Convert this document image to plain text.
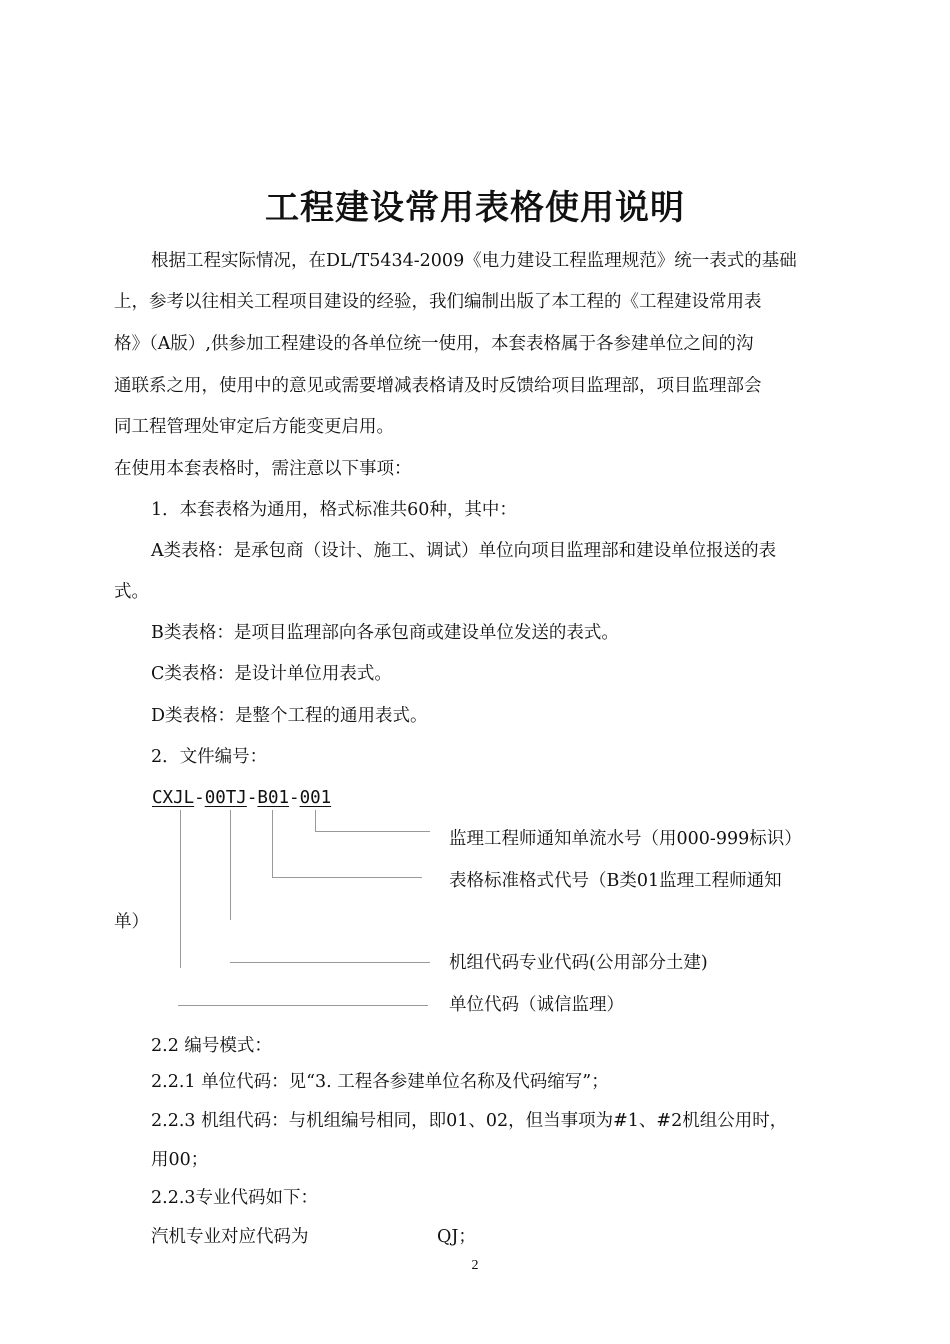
工程建设常用表格使用说明
根据工程实际情况，在DL/T5434-2009《电力建设工程监理规范》统一表式的基础
上，参考以往相关工程项目建设的经验，我们编制出版了本工程的《工程建设常用表
格》（A版）,供参加工程建设的各单位统一使用，本套表格属于各参建单位之间的沟
通联系之用，使用中的意见或需要增减表格请及时反馈给项目监理部，项目监理部会
同工程管理处审定后方能变更启用。
在使用本套表格时，需注意以下事项：
1．本套表格为通用，格式标准共60种，其中：
A类表格：是承包商（设计、施工、调试）单位向项目监理部和建设单位报送的表
式。
B类表格：是项目监理部向各承包商或建设单位发送的表式。
C类表格：是设计单位用表式。
D类表格：是整个工程的通用表式。
2．文件编号：
CXJL-00TJ-B01-001
监理工程师通知单流水号（用000-999标识）
表格标准格式代号（B类01监理工程师通知
单）
机组代码专业代码(公用部分土建)
单位代码（诚信监理）
2.2 编号模式：
2.2.1 单位代码：见“3. 工程各参建单位名称及代码缩写”；
2.2.3 机组代码：与机组编号相同，即01、02，但当事项为#1、#2机组公用时，
用00；
2.2.3专业代码如下：
汽机专业对应代码为	QJ；
2
